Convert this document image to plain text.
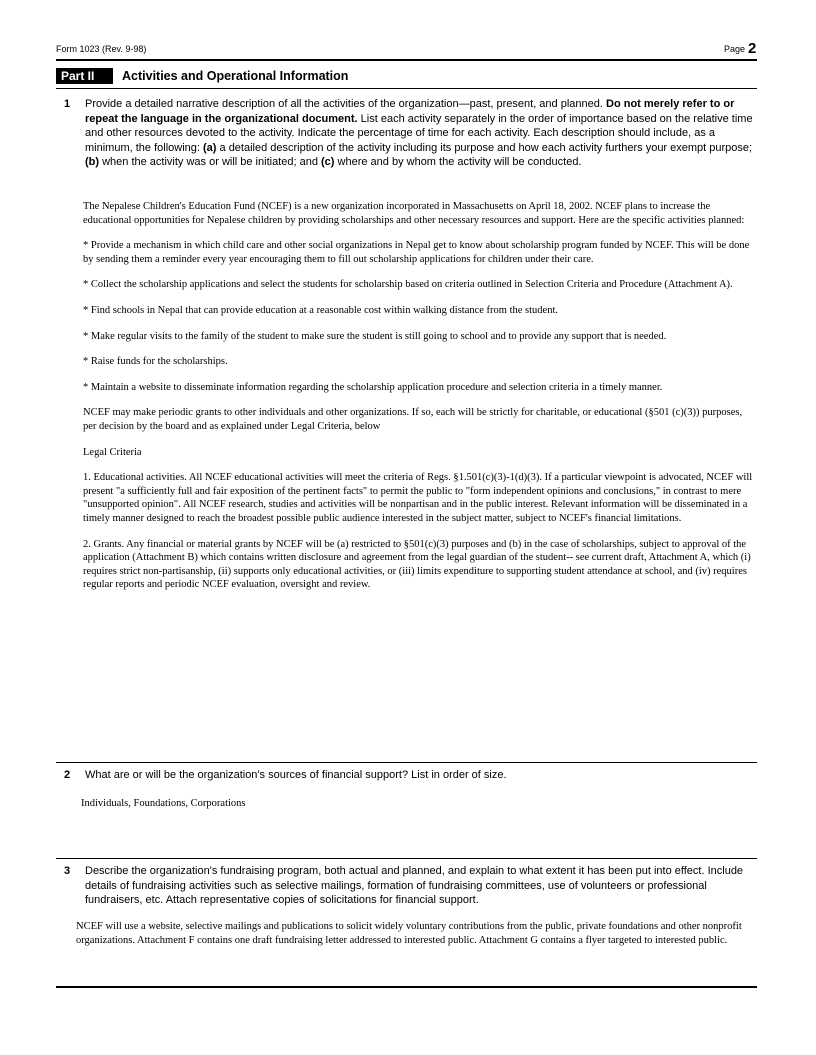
Form 1023 (Rev. 9-98)	Page 2
Part II	Activities and Operational Information
1 Provide a detailed narrative description of all the activities of the organization—past, present, and planned. Do not merely refer to or repeat the language in the organizational document. List each activity separately in the order of importance based on the relative time and other resources devoted to the activity. Indicate the percentage of time for each activity. Each description should include, as a minimum, the following: (a) a detailed description of the activity including its purpose and how each activity furthers your exempt purpose; (b) when the activity was or will be initiated; and (c) where and by whom the activity will be conducted.

The Nepalese Children's Education Fund (NCEF) is a new organization incorporated in Massachusetts on April 18, 2002. NCEF plans to increase the educational opportunities for Nepalese children by providing scholarships and other necessary resources and support. Here are the specific activities planned:

* Provide a mechanism in which child care and other social organizations in Nepal get to know about scholarship program funded by NCEF. This will be done by sending them a reminder every year encouraging them to fill out scholarship applications for children under their care.

* Collect the scholarship applications and select the students for scholarship based on criteria outlined in Selection Criteria and Procedure (Attachment A).

* Find schools in Nepal that can provide education at a reasonable cost within walking distance from the student.

* Make regular visits to the family of the student to make sure the student is still going to school and to provide any support that is needed.

* Raise funds for the scholarships.

* Maintain a website to disseminate information regarding the scholarship application procedure and selection criteria in a timely manner.

NCEF may make periodic grants to other individuals and other organizations. If so, each will be strictly for charitable, or educational (§501 (c)(3)) purposes, per decision by the board and as explained under Legal Criteria, below

Legal Criteria

1. Educational activities. All NCEF educational activities will meet the criteria of Regs. §1.501(c)(3)-1(d)(3). If a particular viewpoint is advocated, NCEF will present "a sufficiently full and fair exposition of the pertinent facts" to permit the public to "form independent opinions and conclusions," in contrast to mere "unsupported opinion". All NCEF research, studies and activities will be nonpartisan and in the public interest. Relevant information will be disseminated in a timely manner designed to reach the broadest possible public audience interested in the subject matter, subject to NCEF's financial limitations.

2. Grants. Any financial or material grants by NCEF will be (a) restricted to §501(c)(3) purposes and (b) in the case of scholarships, subject to approval of the application (Attachment B) which contains written disclosure and agreement from the legal guardian of the student-- see current draft, Attachment A, which (i) requires strict non-partisanship, (ii) supports only educational activities, or (iii) limits expenditure to supporting student attendance at school, and (iv) requires regular reports and periodic NCEF evaluation, oversight and review.

2 What are or will be the organization's sources of financial support? List in order of size.
Individuals, Foundations, Corporations
3 Describe the organization's fundraising program, both actual and planned, and explain to what extent it has been put into effect. Include details of fundraising activities such as selective mailings, formation of fundraising committees, use of volunteers or professional fundraisers, etc. Attach representative copies of solicitations for financial support.
NCEF will use a website, selective mailings and publications to solicit widely voluntary contributions from the public, private foundations and other nonprofit organizations. Attachment F contains one draft fundraising letter addressed to interested public. Attachment G contains a flyer targeted to interested public.
